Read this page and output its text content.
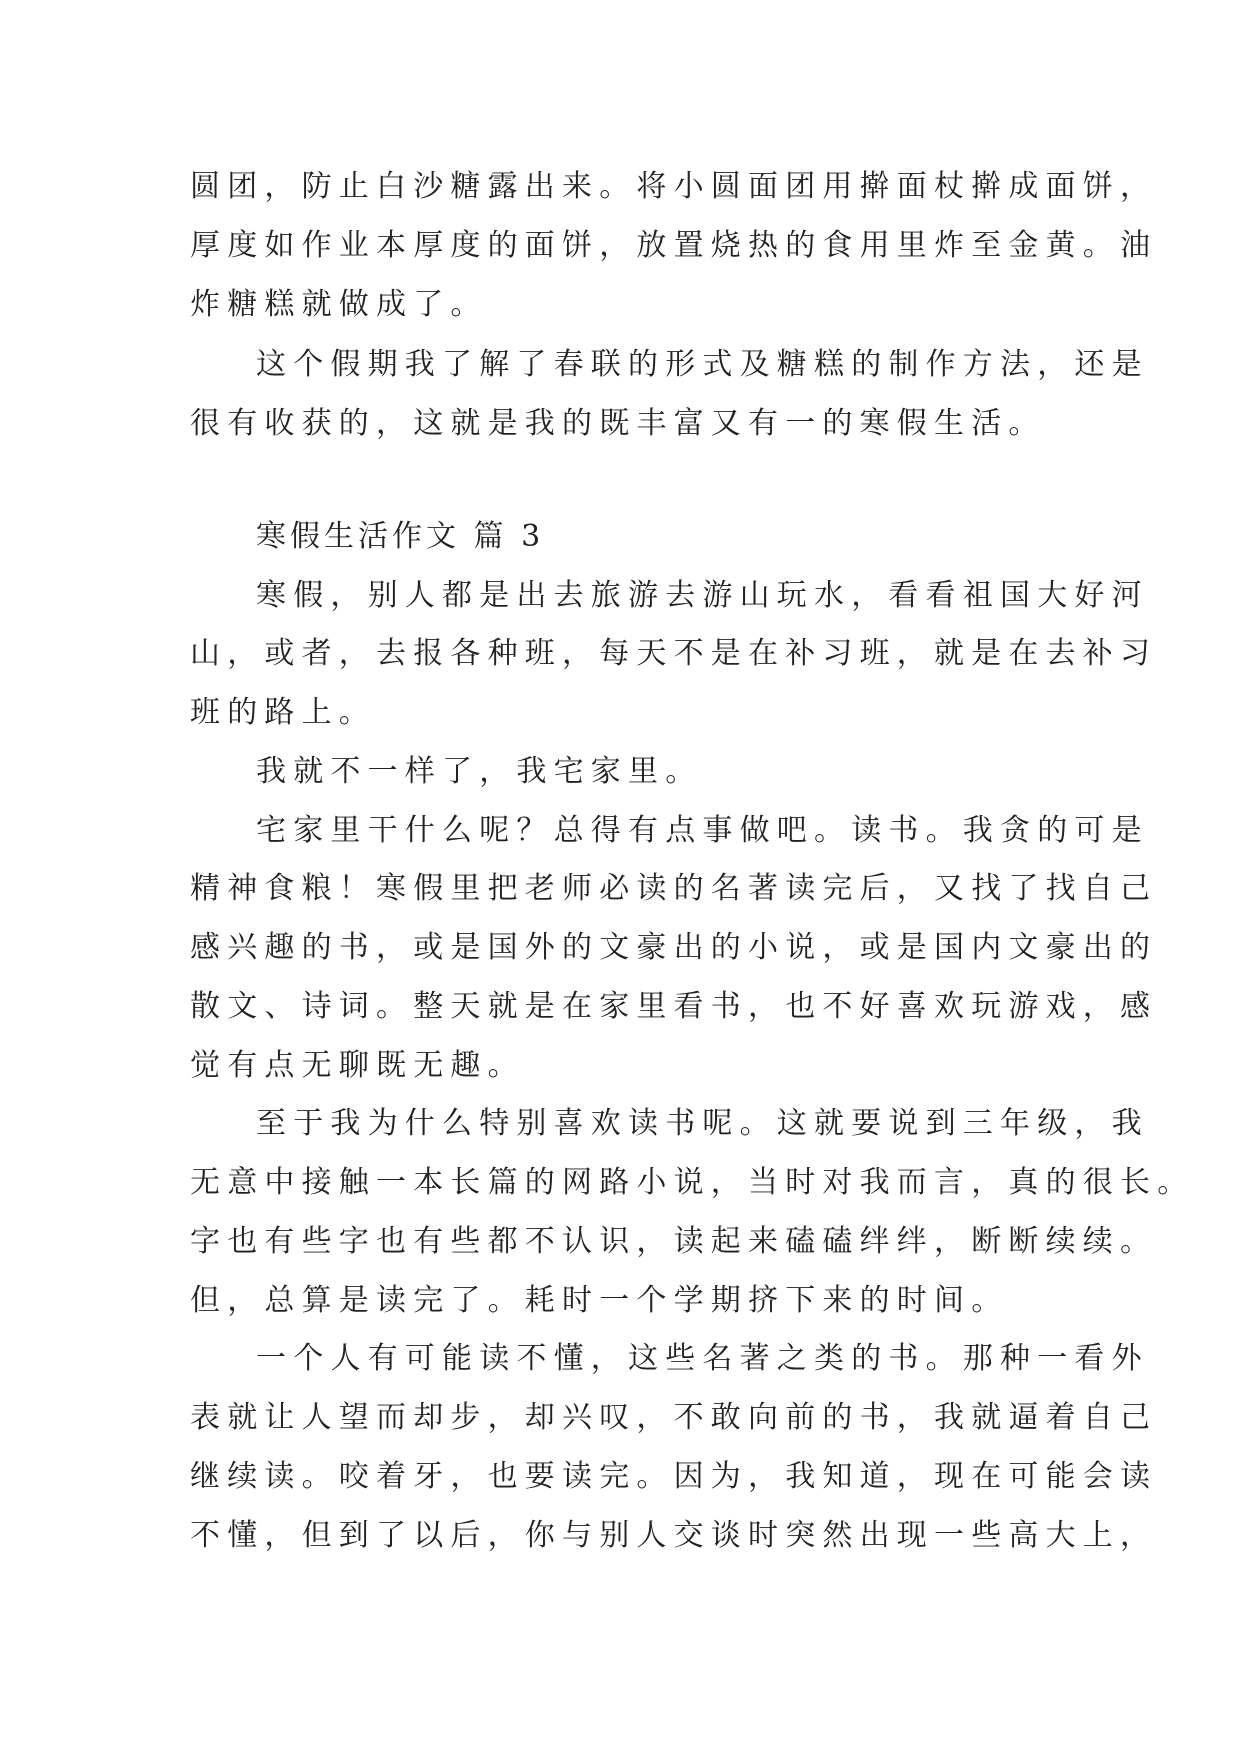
圆团，防止白沙糖露出来。将小圆面团用擀面杖擀成面饼，
厚度如作业本厚度的面饼，放置烧热的食用里炸至金黄。油
炸糖糕就做成了。
这个假期我了解了春联的形式及糖糕的制作方法，还是
很有收获的，这就是我的既丰富又有一的寒假生活。
寒假生活作文 篇 3
寒假，别人都是出去旅游去游山玩水，看看祖国大好河
山，或者，去报各种班，每天不是在补习班，就是在去补习
班的路上。
我就不一样了，我宅家里。
宅家里干什么呢？总得有点事做吧。读书。我贪的可是
精神食粮！寒假里把老师必读的名著读完后，又找了找自己
感兴趣的书，或是国外的文豪出的小说，或是国内文豪出的
散文、诗词。整天就是在家里看书，也不好喜欢玩游戏，感
觉有点无聊既无趣。
至于我为什么特别喜欢读书呢。这就要说到三年级，我
无意中接触一本长篇的网路小说，当时对我而言，真的很长。
字也有些字也有些都不认识，读起来磕磕绊绊，断断续续。
但，总算是读完了。耗时一个学期挤下来的时间。
一个人有可能读不懂，这些名著之类的书。那种一看外
表就让人望而却步，却兴叹，不敢向前的书，我就逼着自己
继续读。咬着牙，也要读完。因为，我知道，现在可能会读
不懂，但到了以后，你与别人交谈时突然出现一些高大上，
